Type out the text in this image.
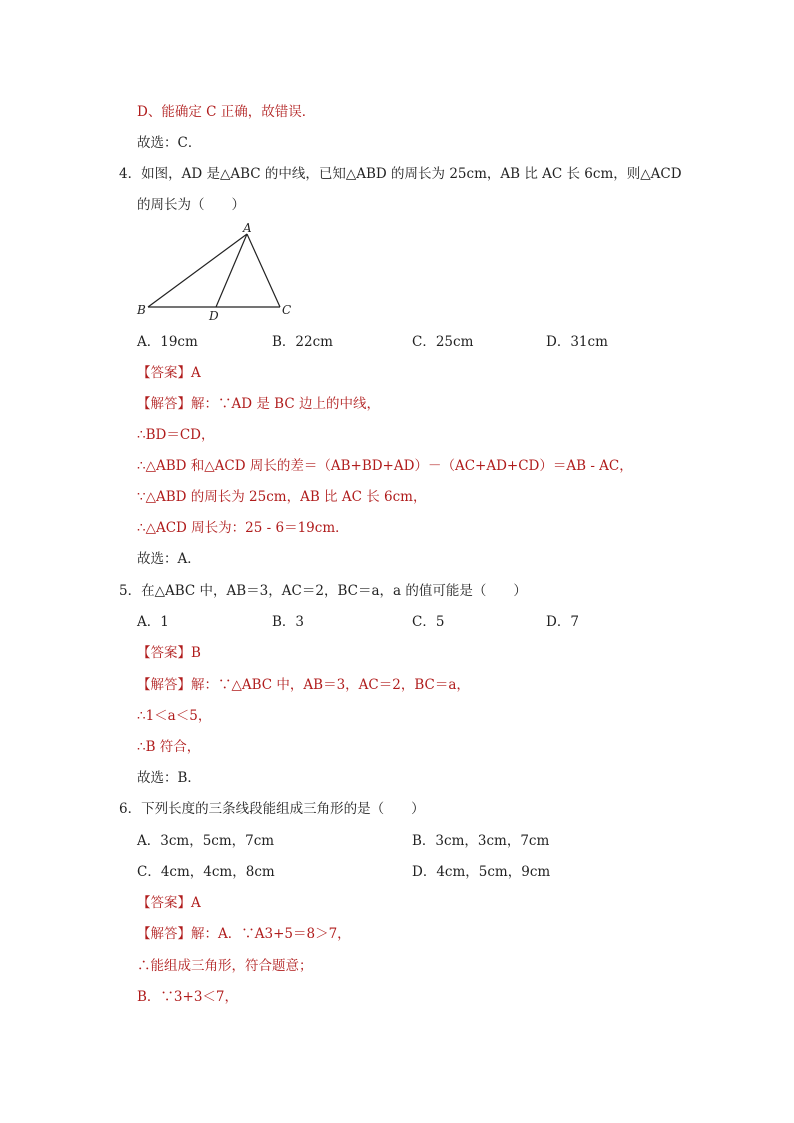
D、能确定 C 正确，故错误．
故选：C．
4．如图，AD 是△ABC 的中线，已知△ABD 的周长为 25cm，AB 比 AC 长 6cm，则△ACD
的周长为（　　）
A
B	D	C
A．19cm	B．22cm	C．25cm	D．31cm
【答案】A
【解答】解：∵AD 是 BC 边上的中线，
∴BD＝CD，
∴△ABD 和△ACD 周长的差＝（AB+BD+AD）－（AC+AD+CD）＝AB - AC，
∵△ABD 的周长为 25cm，AB 比 AC 长 6cm，
∴△ACD 周长为：25 - 6＝19cm．
故选：A．
5．在△ABC 中，AB＝3，AC＝2，BC＝a，a 的值可能是（　　）
A．1	B．3	C．5	D．7
【答案】B
【解答】解：∵△ABC 中，AB＝3，AC＝2，BC＝a，
∴1＜a＜5，
∴B 符合，
故选：B．
6．下列长度的三条线段能组成三角形的是（　　）
A．3cm，5cm，7cm	B．3cm，3cm，7cm
C．4cm，4cm，8cm	D．4cm，5cm，9cm
【答案】A
【解答】解：A．∵A3+5＝8＞7，
∴能组成三角形，符合题意；
B．∵3+3＜7，
